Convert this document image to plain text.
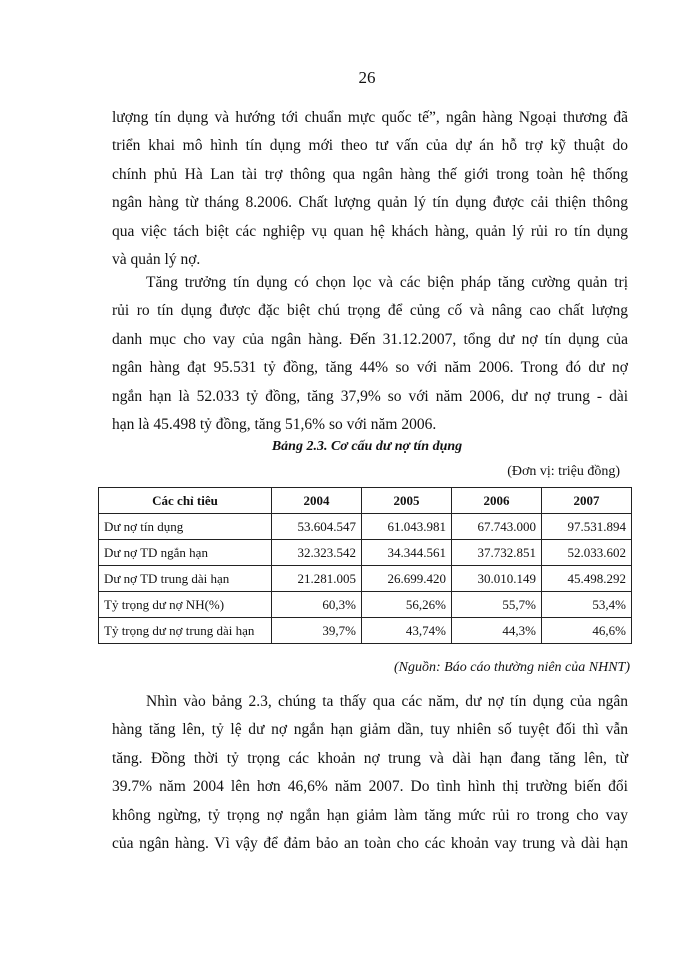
26
lượng tín dụng và hướng tới chuẩn mực quốc tế”, ngân hàng Ngoại thương đã
triển khai mô hình tín dụng mới theo tư vấn của dự án hỗ trợ kỹ thuật do
chính phủ Hà Lan tài trợ thông qua ngân hàng thế giới trong toàn hệ thống
ngân hàng từ tháng 8.2006. Chất lượng quản lý tín dụng được cải thiện thông
qua việc tách biệt các nghiệp vụ quan hệ khách hàng, quản lý rủi ro tín dụng
và quản lý nợ.
Tăng trưởng tín dụng có chọn lọc và các biện pháp tăng cường quản trị
rủi ro tín dụng được đặc biệt chú trọng để củng cố và nâng cao chất lượng
danh mục cho vay của ngân hàng. Đến 31.12.2007, tổng dư nợ tín dụng của
ngân hàng đạt 95.531 tỷ đồng, tăng 44% so với năm 2006. Trong đó dư nợ
ngắn hạn là 52.033 tỷ đồng, tăng 37,9% so với năm 2006, dư nợ trung - dài
hạn là 45.498 tỷ đồng, tăng 51,6% so với năm 2006.
Bảng 2.3. Cơ cấu dư nợ tín dụng
(Đơn vị: triệu đồng)
Các chỉ tiêu	2004	2005	2006	2007
Dư nợ tín dụng	53.604.547	61.043.981	67.743.000	97.531.894
Dư nợ TD ngắn hạn	32.323.542	34.344.561	37.732.851	52.033.602
Dư nợ TD trung dài hạn	21.281.005	26.699.420	30.010.149	45.498.292
Tỷ trọng dư nợ NH(%)	60,3%	56,26%	55,7%	53,4%
Tỷ trọng dư nợ trung dài hạn	39,7%	43,74%	44,3%	46,6%
(Nguồn: Báo cáo thường niên của NHNT)
Nhìn vào bảng 2.3, chúng ta thấy qua các năm, dư nợ tín dụng của ngân
hàng tăng lên, tỷ lệ dư nợ ngắn hạn giảm dần, tuy nhiên số tuyệt đối thì vẫn
tăng. Đồng thời tỷ trọng các khoản nợ trung và dài hạn đang tăng lên, từ
39.7% năm 2004 lên hơn 46,6% năm 2007. Do tình hình thị trường biến đổi
không ngừng, tỷ trọng nợ ngắn hạn giảm làm tăng mức rủi ro trong cho vay
của ngân hàng. Vì vậy để đảm bảo an toàn cho các khoản vay trung và dài hạn
